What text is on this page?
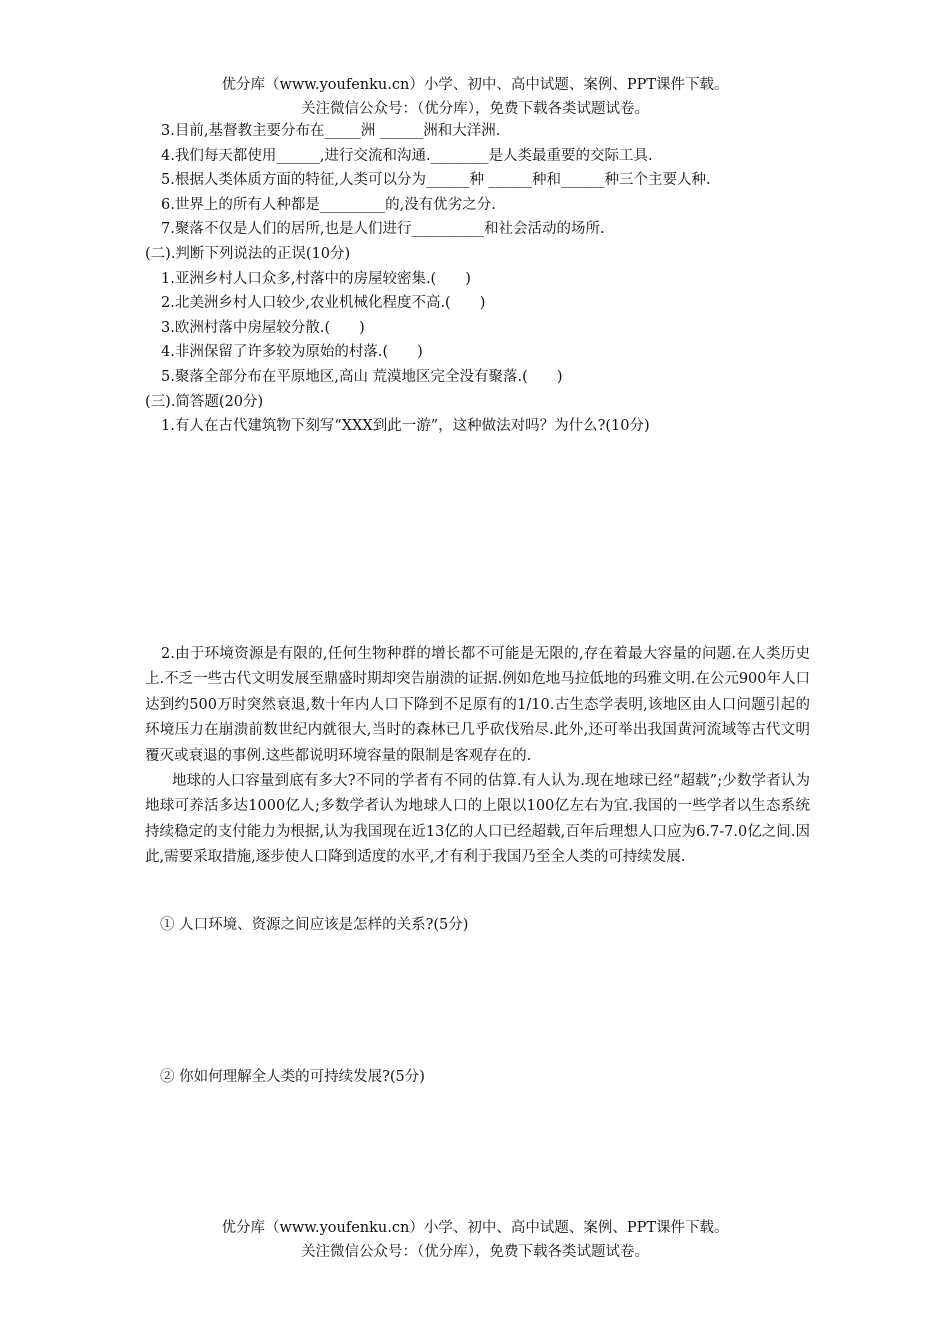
优分库（www.youfenku.cn）小学、初中、高中试题、案例、PPT课件下载。
关注微信公众号：（优分库），免费下载各类试题试卷。
3.目前,基督教主要分布在_____洲 ______洲和大洋洲.
4.我们每天都使用______,进行交流和沟通.________是人类最重要的交际工具.
5.根据人类体质方面的特征,人类可以分为______种 ______种和______种三个主要人种.
6.世界上的所有人种都是_________的,没有优劣之分.
7.聚落不仅是人们的居所,也是人们进行__________和社会活动的场所.
(二).判断下列说法的正误(10分)
1.亚洲乡村人口众多,村落中的房屋较密集.(　　)
2.北美洲乡村人口较少,农业机械化程度不高.(　　)
3.欧洲村落中房屋较分散.(　　)
4.非洲保留了许多较为原始的村落.(　　)
5.聚落全部分布在平原地区,高山 荒漠地区完全没有聚落.(　　)
(三).简答题(20分)
1.有人在古代建筑物下刻写“XXX到此一游”，这种做法对吗？为什么?(10分)

2.由于环境资源是有限的,任何生物种群的增长都不可能是无限的,存在着最大容量的问题.在人类历史上.不乏一些古代文明发展至鼎盛时期却突告崩溃的证据.例如危地马拉低地的玛雅文明.在公元900年人口达到约500万时突然衰退,数十年内人口下降到不足原有的1/10.古生态学表明,该地区由人口问题引起的环境压力在崩溃前数世纪内就很大,当时的森林已几乎砍伐殆尽.此外,还可举出我国黄河流域等古代文明覆灭或衰退的事例.这些都说明环境容量的限制是客观存在的.

地球的人口容量到底有多大?不同的学者有不同的估算.有人认为.现在地球已经“超载”;少数学者认为地球可养活多达1000亿人;多数学者认为地球人口的上限以100亿左右为宜.我国的一些学者以生态系统持续稳定的支付能力为根据,认为我国现在近13亿的人口已经超载,百年后理想人口应为6.7-7.0亿之间.因此,需要采取措施,逐步使人口降到适度的水平,才有利于我国乃至全人类的可持续发展.

① 人口环境、资源之间应该是怎样的关系?(5分)
② 你如何理解全人类的可持续发展?(5分)
优分库（www.youfenku.cn）小学、初中、高中试题、案例、PPT课件下载。
关注微信公众号：（优分库），免费下载各类试题试卷。
